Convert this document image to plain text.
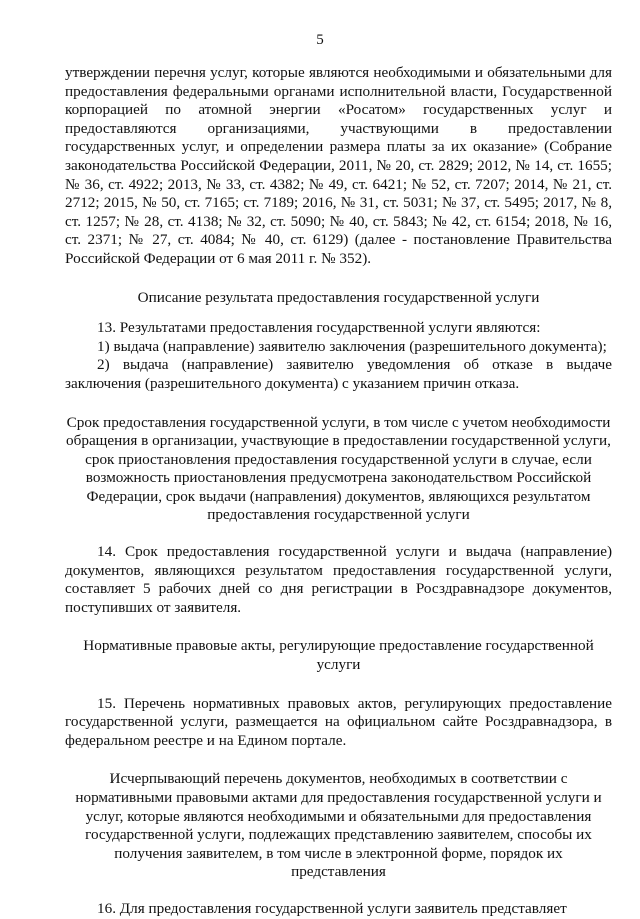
5

утверждении перечня услуг, которые являются необходимыми и обязательными для предоставления федеральными органами исполнительной власти, Государственной корпорацией по атомной энергии «Росатом» государственных услуг и предоставляются организациями, участвующими в предоставлении государственных услуг, и определении размера платы за их оказание» (Собрание законодательства Российской Федерации, 2011, № 20, ст. 2829; 2012, № 14, ст. 1655; № 36, ст. 4922; 2013, № 33, ст. 4382; № 49, ст. 6421; № 52, ст. 7207; 2014, № 21, ст. 2712; 2015, № 50, ст. 7165; ст. 7189; 2016, № 31, ст. 5031; № 37, ст. 5495; 2017, № 8, ст. 1257; № 28, ст. 4138; № 32, ст. 5090; № 40, ст. 5843; № 42, ст. 6154; 2018, № 16, ст. 2371; № 27, ст. 4084; № 40, ст. 6129) (далее - постановление Правительства Российской Федерации от 6 мая 2011 г. № 352).

Описание результата предоставления государственной услуги

13. Результатами предоставления государственной услуги являются:

1) выдача (направление) заявителю заключения (разрешительного документа);

2) выдача (направление) заявителю уведомления об отказе в выдаче заключения (разрешительного документа) с указанием причин отказа.

Срок предоставления государственной услуги, в том числе с учетом необходимости обращения в организации, участвующие в предоставлении государственной услуги, срок приостановления предоставления государственной услуги в случае, если возможность приостановления предусмотрена законодательством Российской Федерации, срок выдачи (направления) документов, являющихся результатом предоставления государственной услуги

14. Срок предоставления государственной услуги и выдача (направление) документов, являющихся результатом предоставления государственной услуги, составляет 5 рабочих дней со дня регистрации в Росздравнадзоре документов, поступивших от заявителя.

Нормативные правовые акты, регулирующие предоставление государственной услуги

15. Перечень нормативных правовых актов, регулирующих предоставление государственной услуги, размещается на официальном сайте Росздравнадзора, в федеральном реестре и на Едином портале.

Исчерпывающий перечень документов, необходимых в соответствии с нормативными правовыми актами для предоставления государственной услуги и услуг, которые являются необходимыми и обязательными для предоставления государственной услуги, подлежащих представлению заявителем, способы их получения заявителем, в том числе в электронной форме, порядок их представления

16. Для предоставления государственной услуги заявитель представляет
